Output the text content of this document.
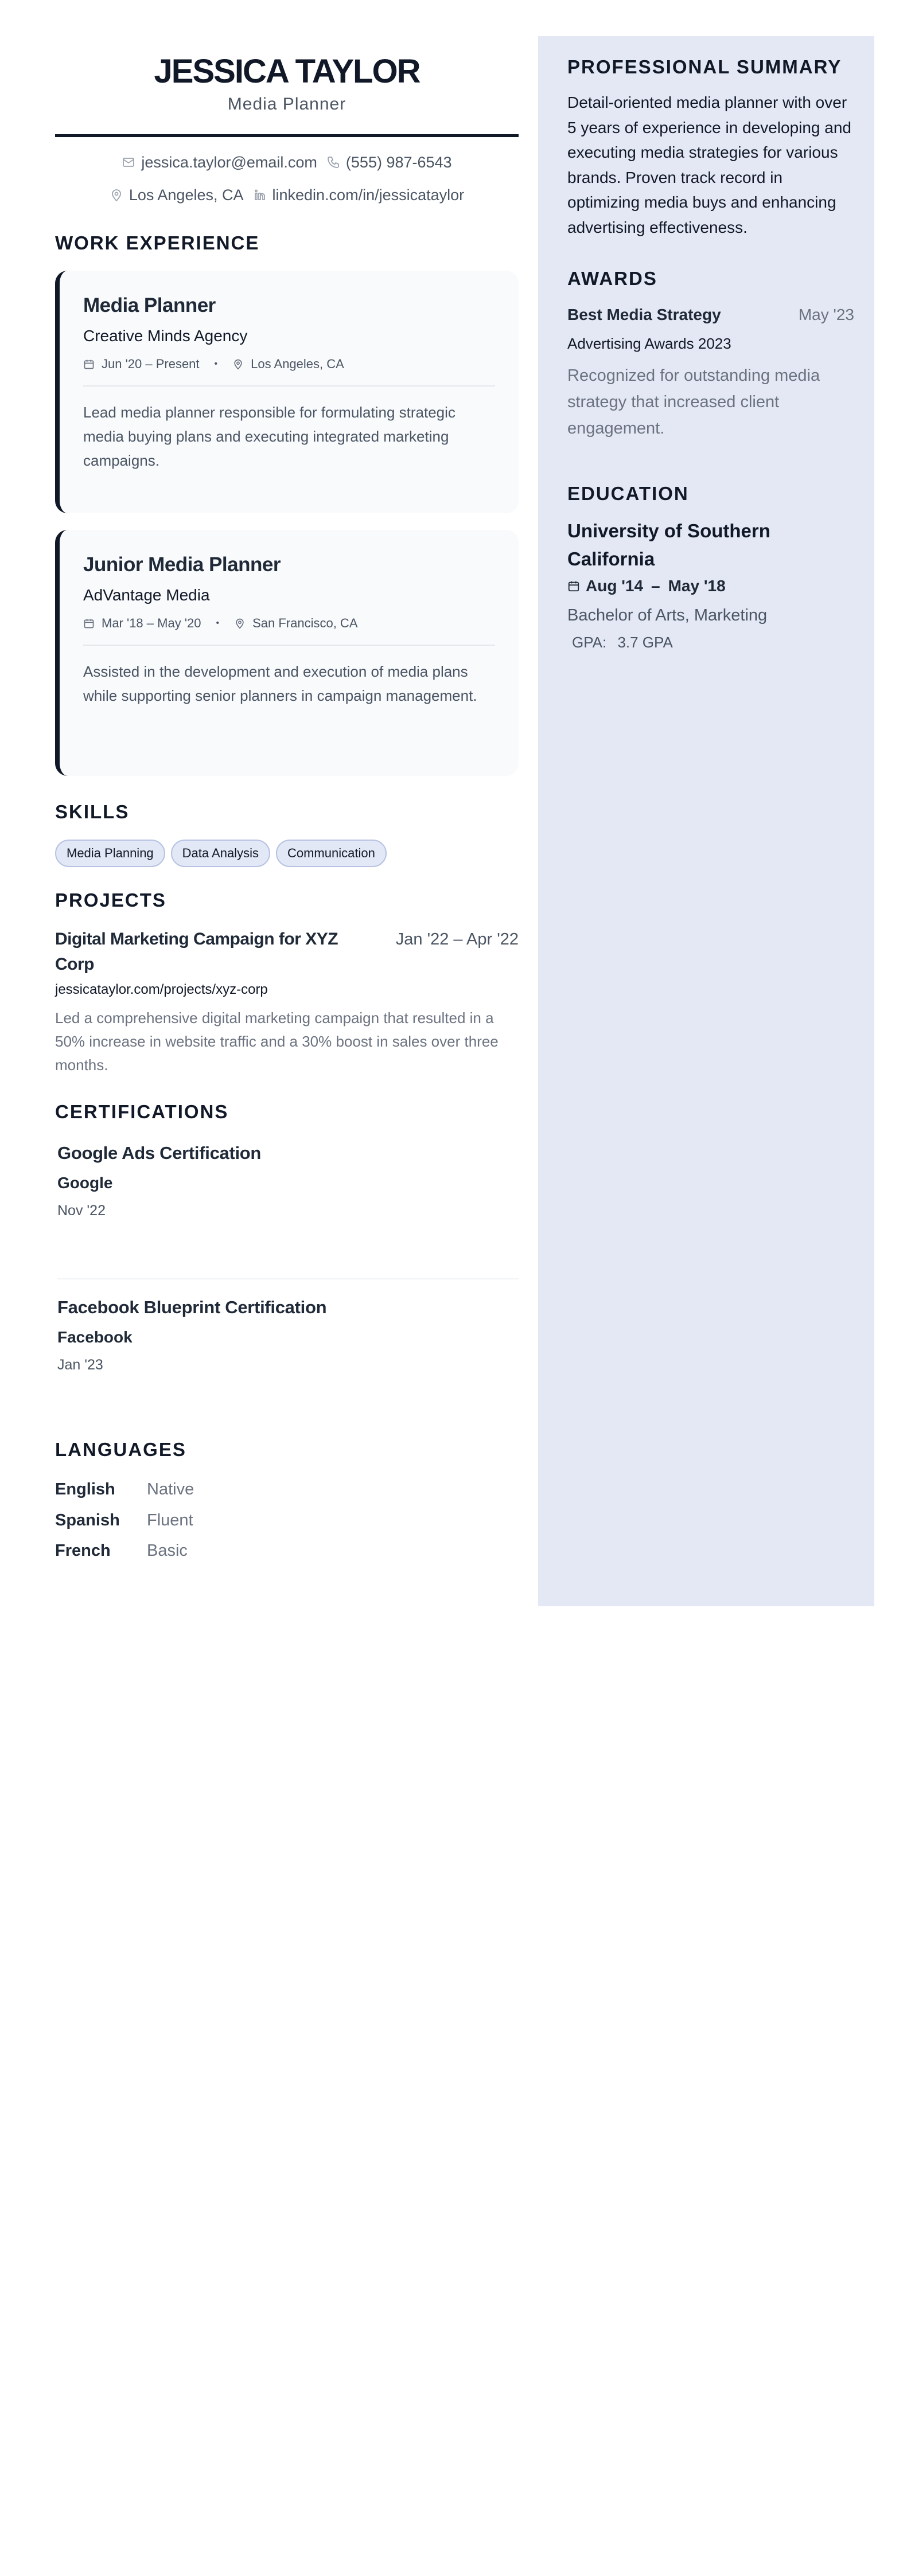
JESSICA TAYLOR
Media Planner
jessica.taylor@email.com (555) 987-6543
Los Angeles, CA linkedin.com/in/jessicataylor
WORK EXPERIENCE
Media Planner
Creative Minds Agency
Jun '20 – Present •	Los Angeles, CA
Lead media planner responsible for formulating strategic media buying plans and executing integrated marketing campaigns.
Junior Media Planner
AdVantage Media
Mar '18 – May '20 •	San Francisco, CA
Assisted in the development and execution of media plans while supporting senior planners in campaign management.
SKILLS
Media Planning	Data Analysis	Communication
PROJECTS
Digital Marketing Campaign for XYZ Corp
Jan '22 – Apr '22
jessicataylor.com/projects/xyz-corp
Led a comprehensive digital marketing campaign that resulted in a 50% increase in website traffic and a 30% boost in sales over three months.
CERTIFICATIONS
Google Ads Certification
Google
Nov '22
Facebook Blueprint Certification
Facebook
Jan '23
LANGUAGES
English	Native
Spanish	Fluent
French	Basic
PROFESSIONAL SUMMARY
Detail-oriented media planner with over 5 years of experience in developing and executing media strategies for various brands. Proven track record in optimizing media buys and enhancing advertising effectiveness.
AWARDS
Best Media Strategy	May '23
Advertising Awards 2023
Recognized for outstanding media strategy that increased client engagement.
EDUCATION
University of Southern California
Aug '14 – May '18
Bachelor of Arts, Marketing
GPA: 3.7 GPA
